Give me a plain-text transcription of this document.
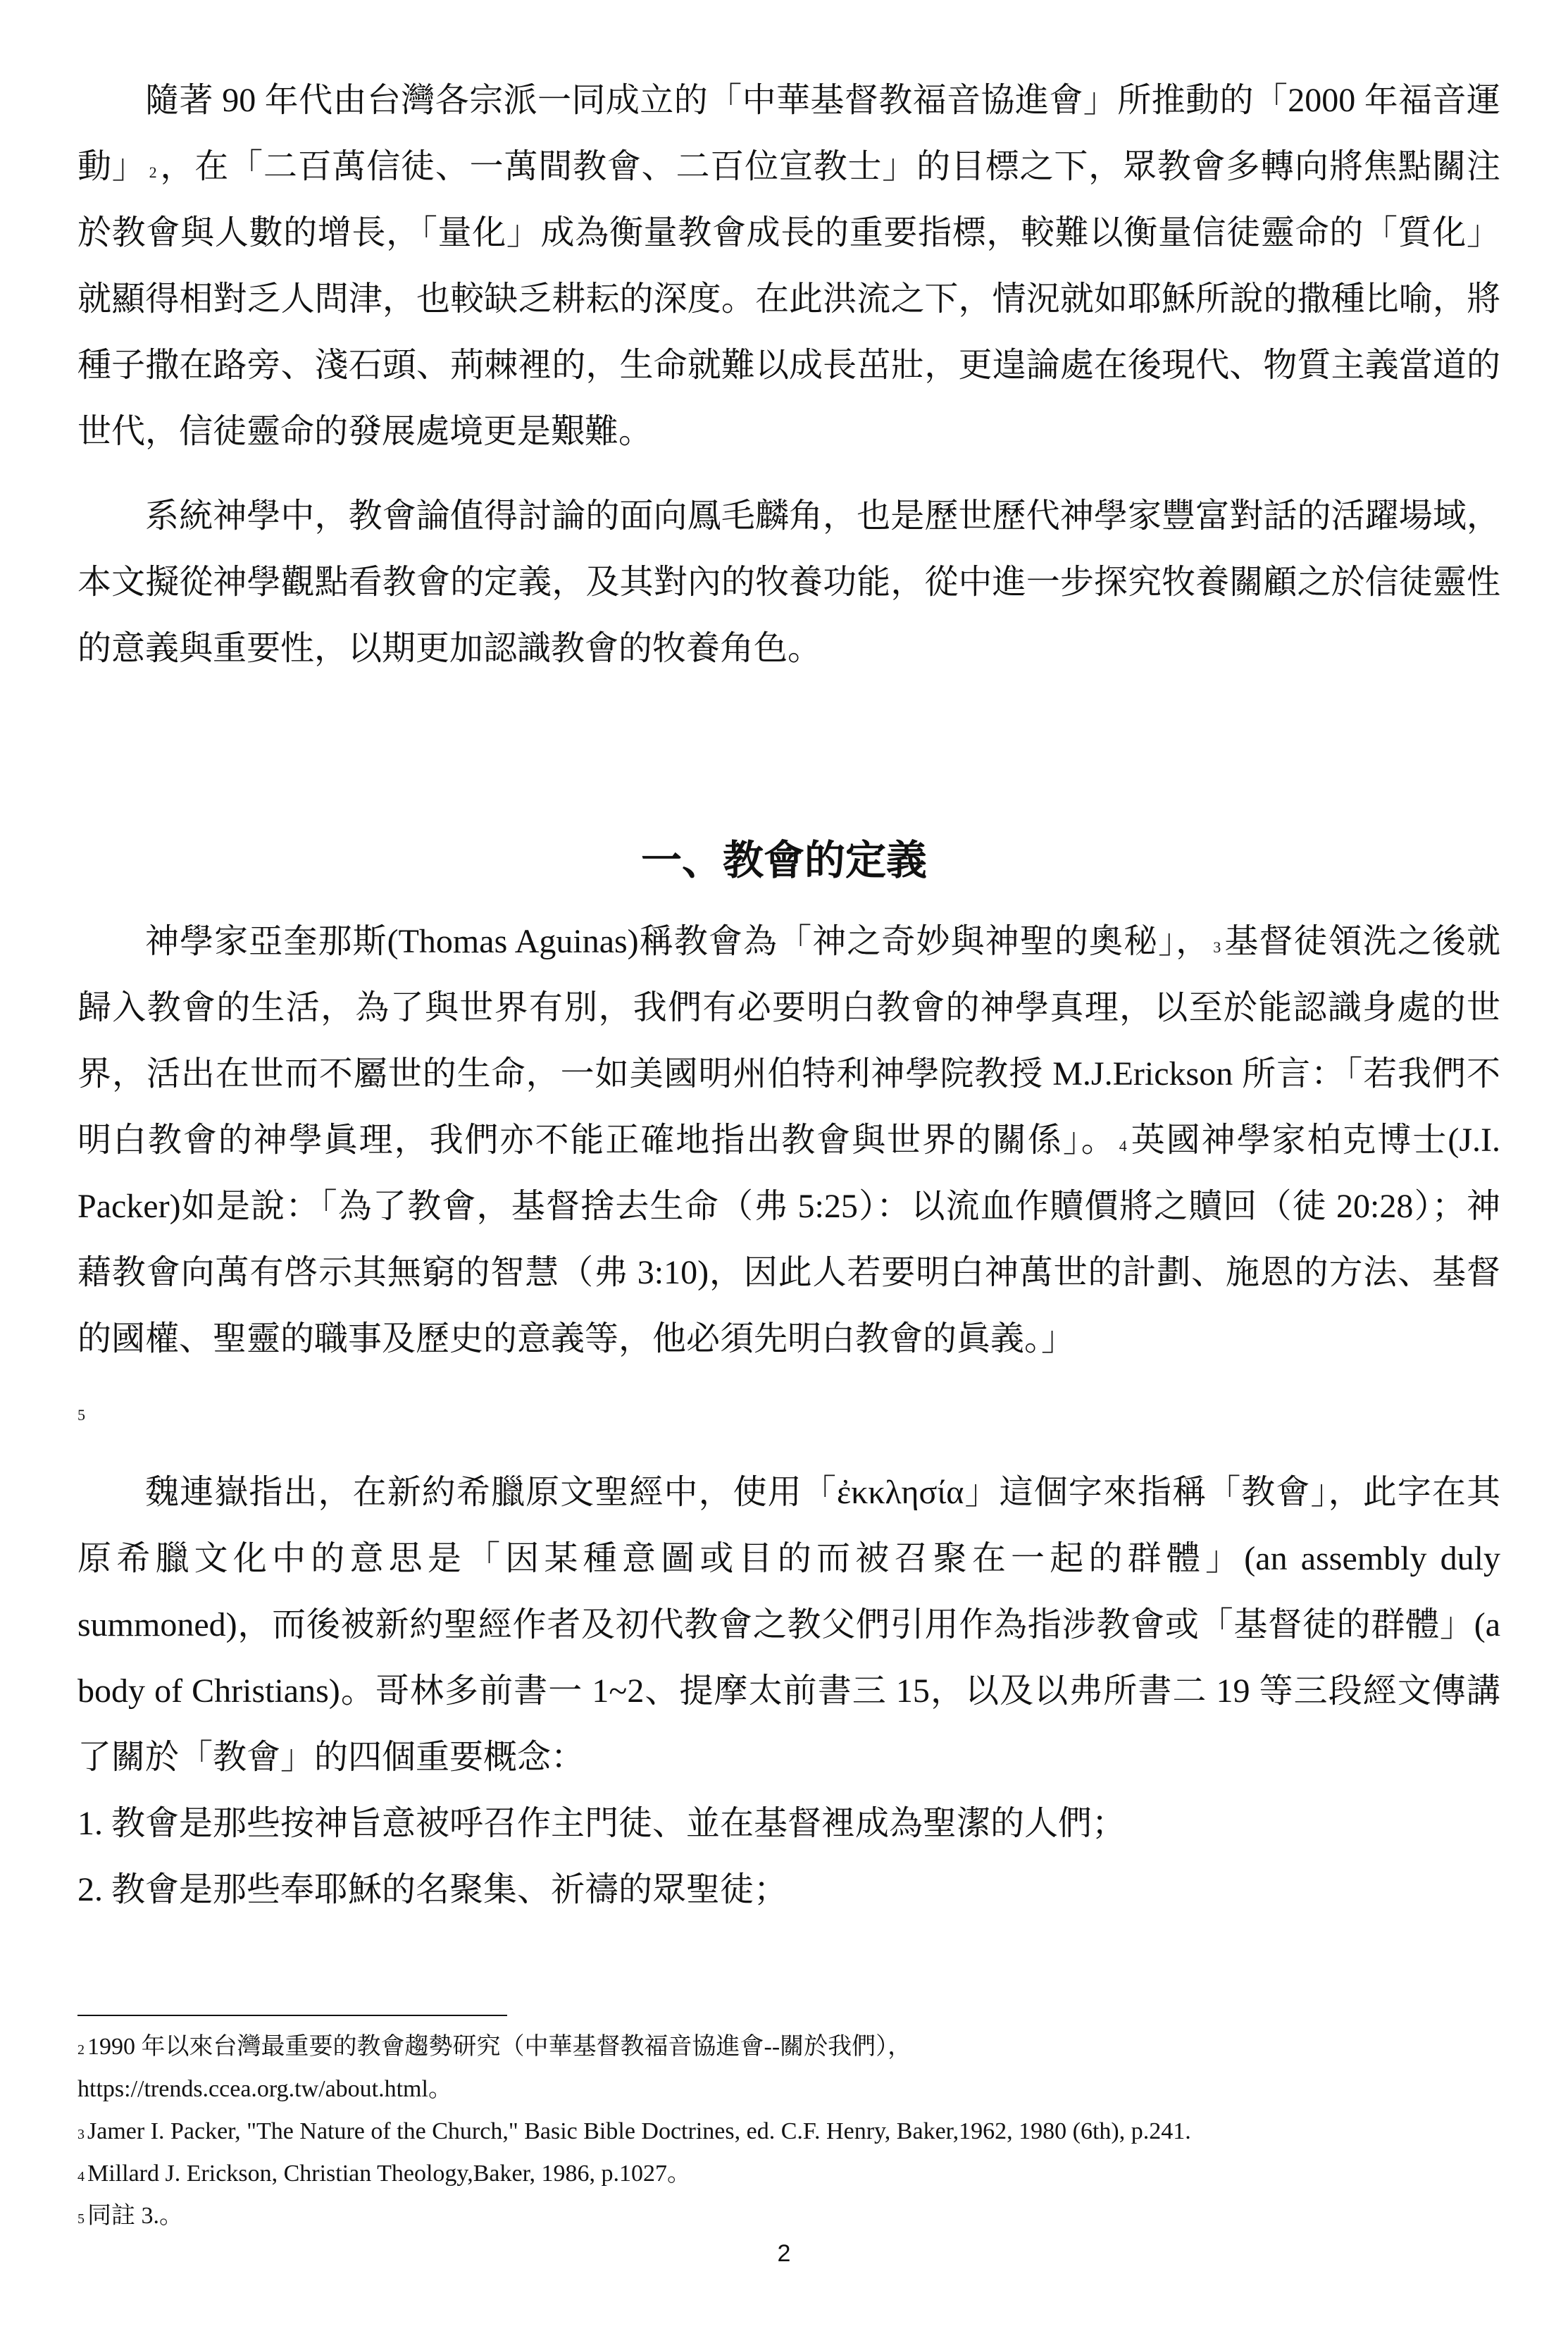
隨著 90 年代由台灣各宗派一同成立的「中華基督教福音協進會」所推動的「2000 年福音運動」 $^2$，在「二百萬信徒、一萬間教會、二百位宣教士」的目標之下，眾教會多轉向將焦點關注於教會與人數的增長，「量化」成為衡量教會成長的重要指標，較難以衡量信徒靈命的「質化」就顯得相對乏人問津，也較缺乏耕耘的深度。在此洪流之下，情況就如耶穌所說的撒種比喻，將種子撒在路旁、淺石頭、荊棘裡的，生命就難以成長茁壯，更遑論處在後現代、物質主義當道的世代，信徒靈命的發展處境更是艱難。

系統神學中，教會論值得討論的面向鳳毛麟角，也是歷世歷代神學家豐富對話的活躍場域，本文擬從神學觀點看教會的定義，及其對內的牧養功能，從中進一步探究牧養關顧之於信徒靈性的意義與重要性，以期更加認識教會的牧養角色。

一、教會的定義

神學家亞奎那斯(Thomas Aguinas)稱教會為「神之奇妙與神聖的奧秘」， $^3$基督徒領洗之後就歸入教會的生活，為了與世界有別，我們有必要明白教會的神學真理，以至於能認識身處的世界，活出在世而不屬世的生命，一如美國明州伯特利神學院教授 M.J.Erickson 所言：「若我們不明白教會的神學眞理，我們亦不能正確地指出教會與世界的關係」。 $^4$英國神學家柏克博士(J.I. Packer)如是說：「為了教會，基督捨去生命（弗 5:25）：以流血作贖價將之贖回（徒 20:28）；神藉教會向萬有啓示其無窮的智慧（弗 3:10)，因此人若要明白神萬世的計劃、施恩的方法、基督的國權、聖靈的職事及歷史的意義等，他必須先明白教會的眞義。」

5

魏連嶽指出，在新約希臘原文聖經中，使用「ἐκκλησία」這個字來指稱「教會」，此字在其原希臘文化中的意思是「因某種意圖或目的而被召聚在一起的群體」(an assembly duly summoned)，而後被新約聖經作者及初代教會之教父們引用作為指涉教會或「基督徒的群體」(a body of Christians)。哥林多前書一 1~2、提摩太前書三 15，以及以弗所書二 19 等三段經文傳講了關於「教會」的四個重要概念：

1. 教會是那些按神旨意被呼召作主門徒、並在基督裡成為聖潔的人們；

2. 教會是那些奉耶穌的名聚集、祈禱的眾聖徒；

$^2$ 1990 年以來台灣最重要的教會趨勢研究（中華基督教福音協進會--關於我們），

https://trends.ccea.org.tw/about.html。

$^3$ Jamer I. Packer, "The Nature of the Church," Basic Bible Doctrines, ed. C.F. Henry, Baker,1962, 1980 (6th), p.241.

$^4$ Millard J. Erickson, Christian Theology,Baker, 1986, p.1027。

$^5$ 同註 3.。

2
